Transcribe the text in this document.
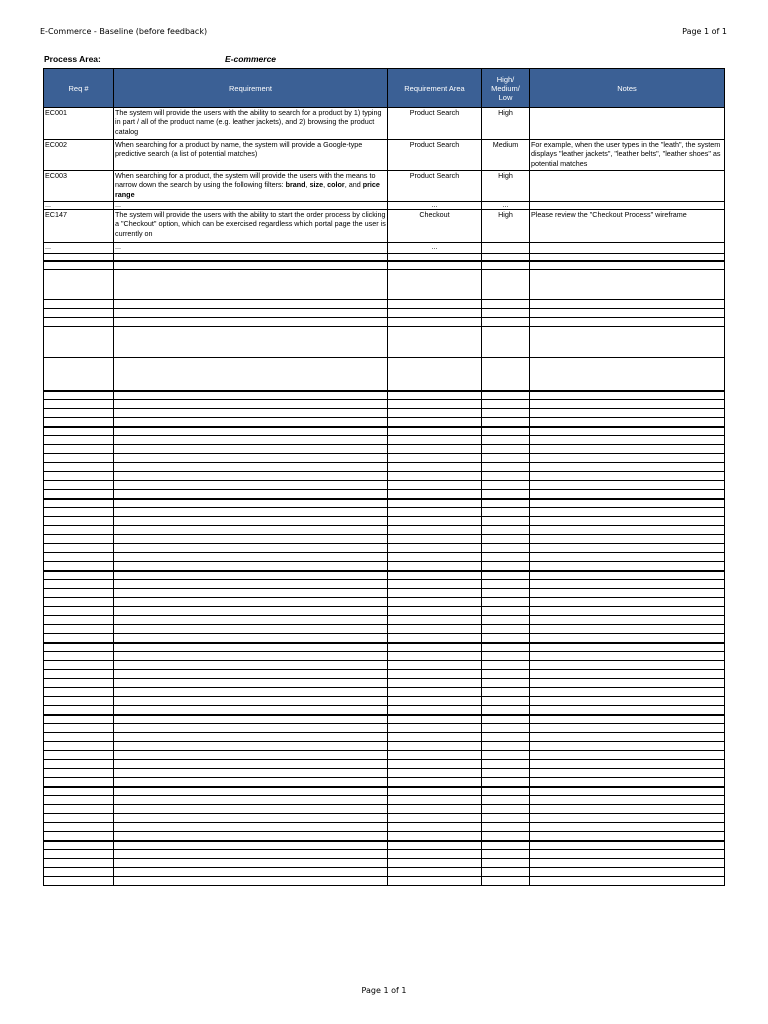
E-Commerce - Baseline (before feedback)	Page 1 of 1
Process Area:	E-commerce
Req #	Requirement	Requirement Area	High/
Medium/
Low	Notes
EC001	The system will provide the users with the ability to search for a product by 1) typing in part / all of the product name (e.g. leather jackets), and 2) browsing the product catalog	Product Search	High	
EC002	When searching for a product by name, the system will provide a Google-type predictive search (a list of potential matches)	Product Search	Medium	For example, when the user types in the "leath", the system displays "leather jackets", "leather belts", "leather shoes" as potential matches
EC003	When searching for a product, the system will provide the users with the means to narrow down the search by using the following filters: brand, size, color, and price range	Product Search	High	
...	...	...	...	
EC147	The system will provide the users with the ability to start the order process by clicking a "Checkout" option, which can be exercised regardless which portal page the user is currently on	Checkout	High	Please review the "Checkout Process" wireframe
...	...	...		

Page 1 of 1
